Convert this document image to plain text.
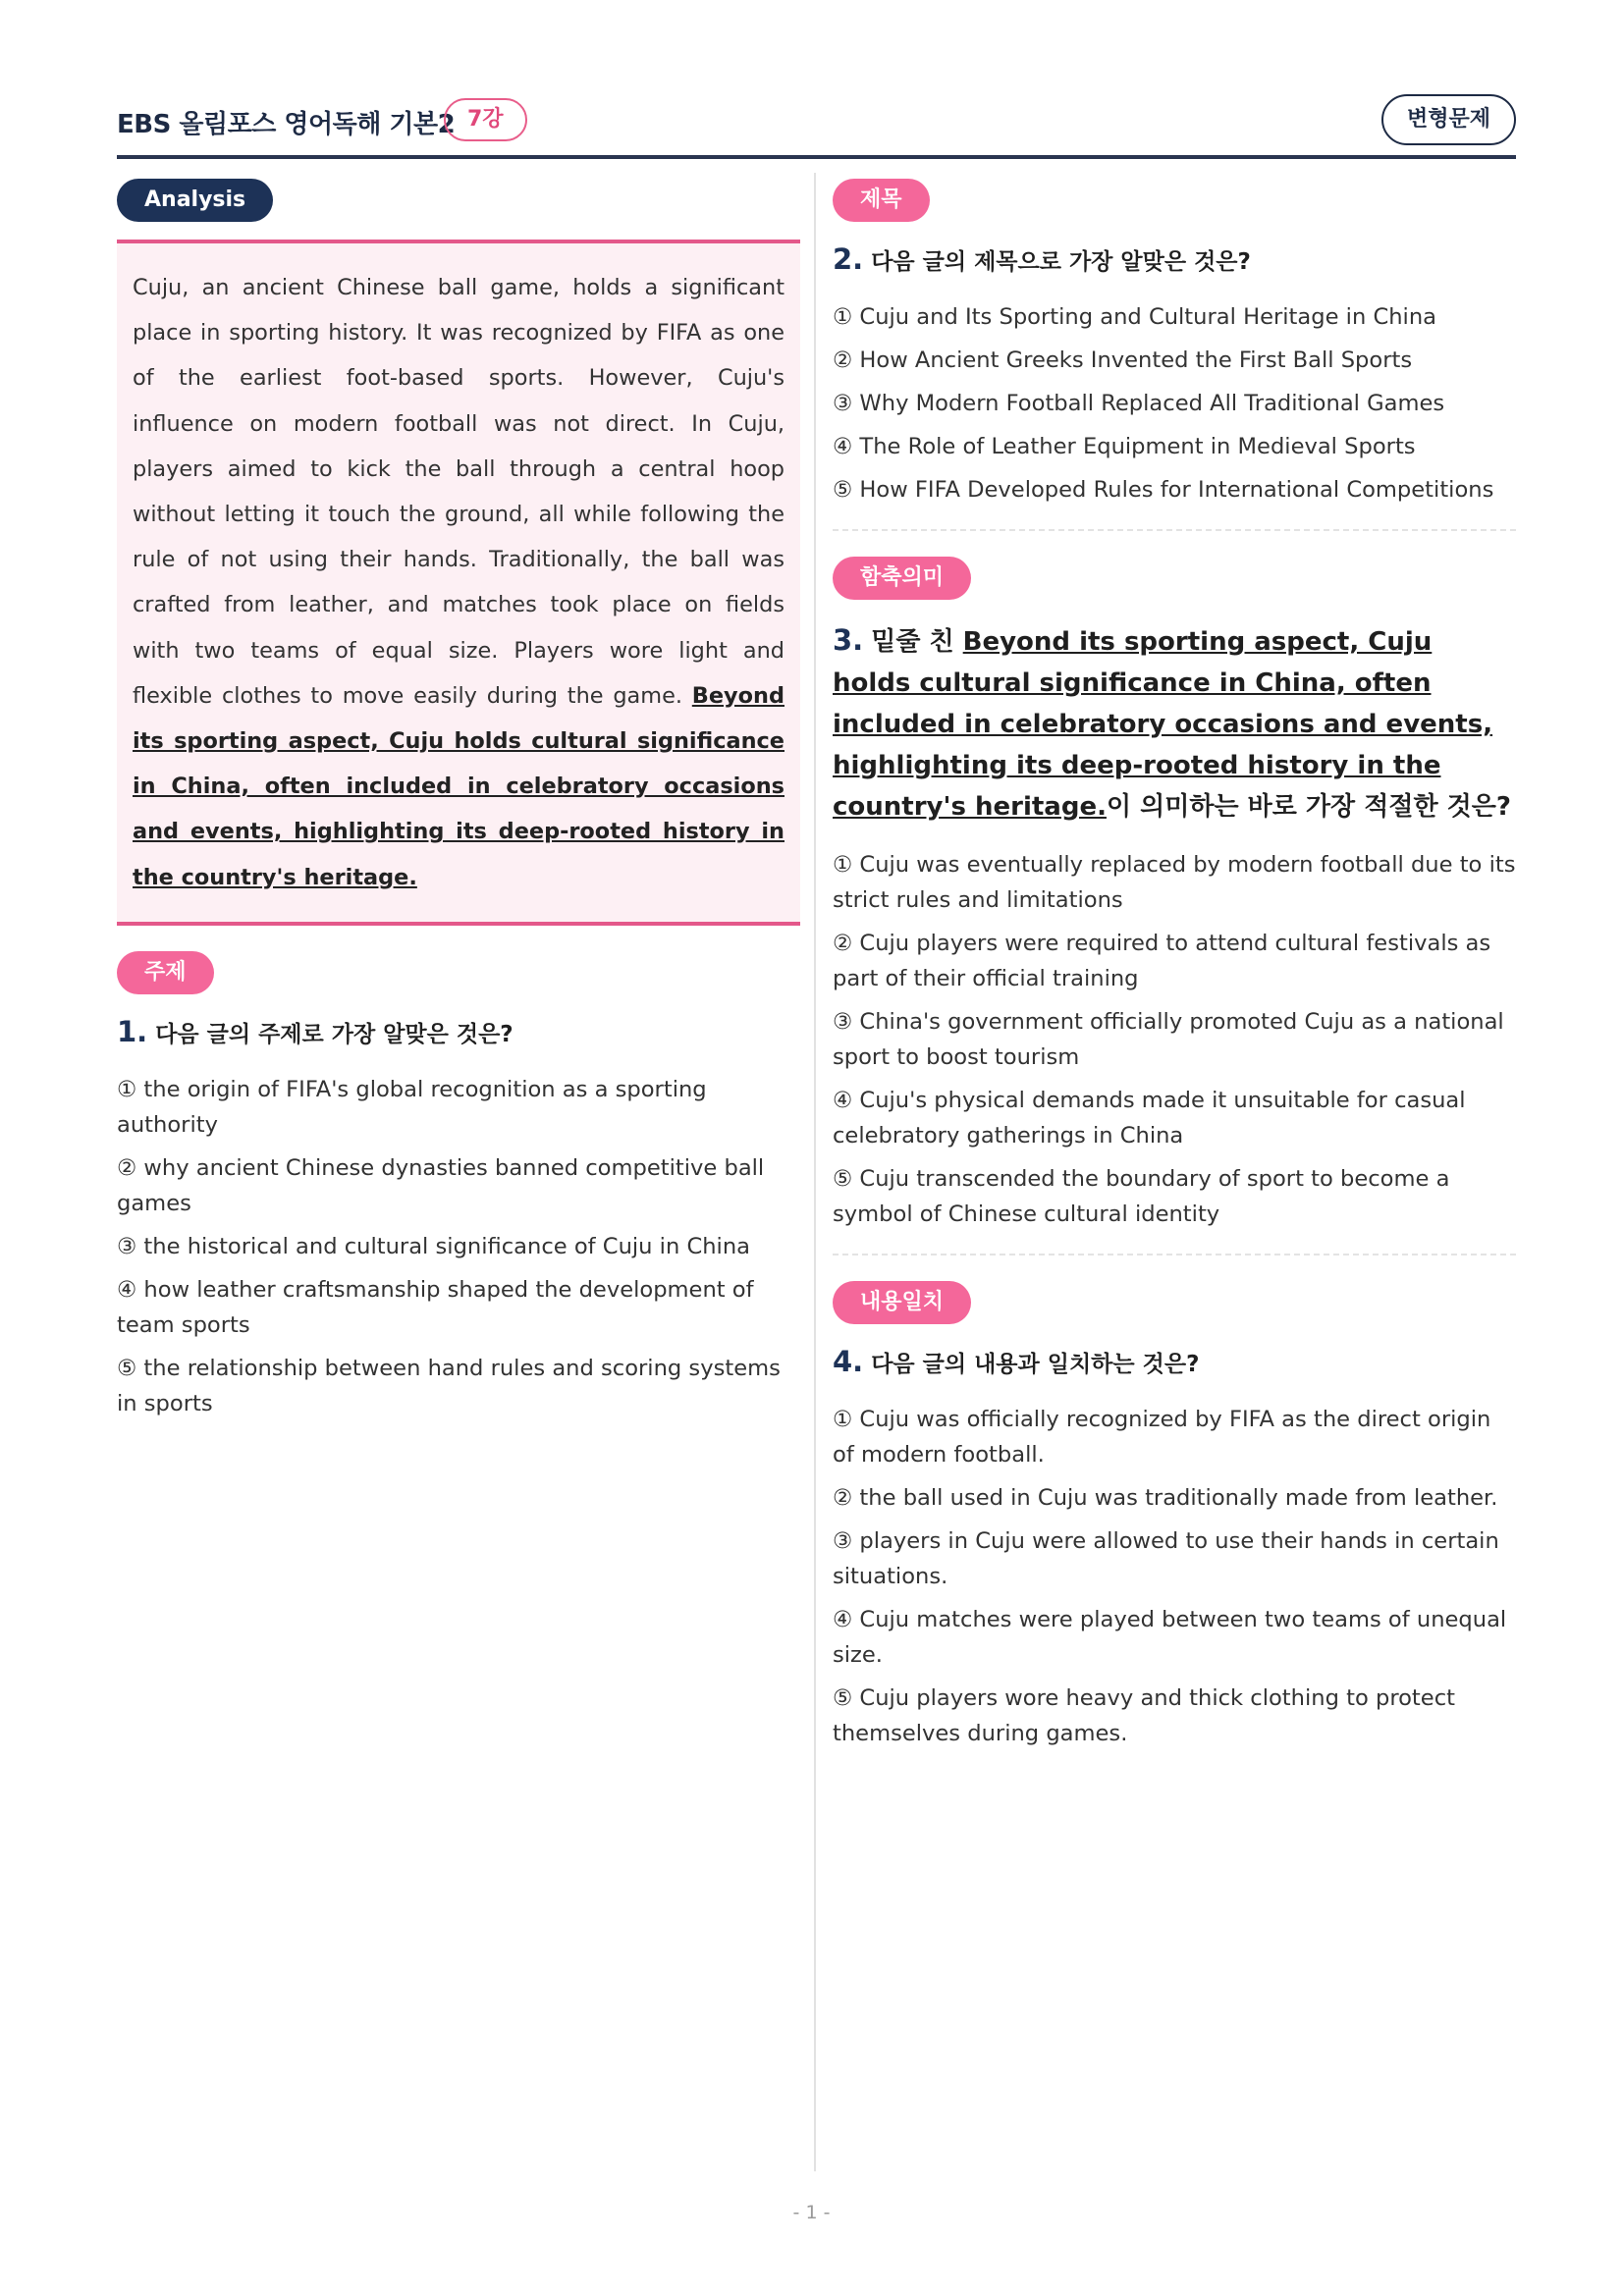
EBS 올림포스 영어독해 기본2 7강	변형문제
Analysis

Cuju, an ancient Chinese ball game, holds a significant place in sporting history. It was recognized by FIFA as one of the earliest foot-based sports. However, Cuju's influence on modern football was not direct. In Cuju, players aimed to kick the ball through a central hoop without letting it touch the ground, all while following the rule of not using their hands. Traditionally, the ball was crafted from leather, and matches took place on fields with two teams of equal size. Players wore light and flexible clothes to move easily during the game. Beyond its sporting aspect, Cuju holds cultural significance in China, often included in celebratory occasions and events, highlighting its deep-rooted history in the country's heritage.

주제
1. 다음 글의 주제로 가장 알맞은 것은?
① the origin of FIFA's global recognition as a sporting authority
② why ancient Chinese dynasties banned competitive ball games
③ the historical and cultural significance of Cuju in China
④ how leather craftsmanship shaped the development of team sports
⑤ the relationship between hand rules and scoring systems in sports
제목
2. 다음 글의 제목으로 가장 알맞은 것은?
① Cuju and Its Sporting and Cultural Heritage in China
② How Ancient Greeks Invented the First Ball Sports
③ Why Modern Football Replaced All Traditional Games
④ The Role of Leather Equipment in Medieval Sports
⑤ How FIFA Developed Rules for International Competitions
함축의미
3. 밑줄 친 Beyond its sporting aspect, Cuju holds cultural significance in China, often included in celebratory occasions and events, highlighting its deep-rooted history in the country's heritage.이 의미하는 바로 가장 적절한 것은?
① Cuju was eventually replaced by modern football due to its strict rules and limitations
② Cuju players were required to attend cultural festivals as part of their official training
③ China's government officially promoted Cuju as a national sport to boost tourism
④ Cuju's physical demands made it unsuitable for casual celebratory gatherings in China
⑤ Cuju transcended the boundary of sport to become a symbol of Chinese cultural identity
내용일치
4. 다음 글의 내용과 일치하는 것은?
① Cuju was officially recognized by FIFA as the direct origin of modern football.
② the ball used in Cuju was traditionally made from leather.
③ players in Cuju were allowed to use their hands in certain situations.
④ Cuju matches were played between two teams of unequal size.
⑤ Cuju players wore heavy and thick clothing to protect themselves during games.
- 1 -
